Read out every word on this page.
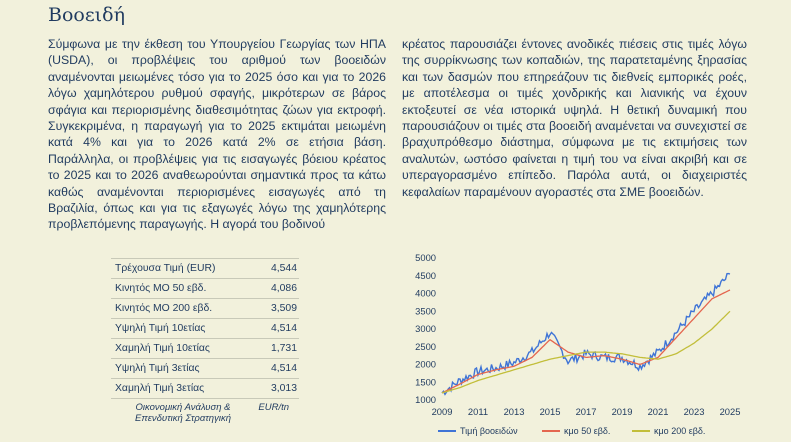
Βοοειδή
Σύμφωνα με την έκθεση του Υπουργείου Γεωργίας των ΗΠΑ (USDA), οι προβλέψεις του αριθμού των βοοειδών αναμένονται μειωμένες τόσο για το 2025 όσο και για το 2026 λόγω χαμηλότερου ρυθμού σφαγής, μικρότερων σε βάρος σφάγια και περιορισμένης διαθεσιμότητας ζώων για εκτροφή. Συγκεκριμένα, η παραγωγή για το 2025 εκτιμάται μειωμένη κατά 4% και για το 2026 κατά 2% σε ετήσια βάση. Παράλληλα, οι προβλέψεις για τις εισαγωγές βόειου κρέατος το 2025 και το 2026 αναθεωρούνται σημαντικά προς τα κάτω καθώς αναμένονται περιορισμένες εισαγωγές από τη Βραζιλία, όπως και για τις εξαγωγές λόγω της χαμηλότερης προβλεπόμενης παραγωγής. Η αγορά του βοδινού
κρέατος παρουσιάζει έντονες ανοδικές πιέσεις στις τιμές λόγω της συρρίκνωσης των κοπαδιών, της παρατεταμένης ξηρασίας και των δασμών που επηρεάζουν τις διεθνείς εμπορικές ροές, με αποτέλεσμα οι τιμές χονδρικής και λιανικής να έχουν εκτοξευτεί σε νέα ιστορικά υψηλά. Η θετική δυναμική που παρουσιάζουν οι τιμές στα βοοειδή αναμένεται να συνεχιστεί σε βραχυπρόθεσμο διάστημα, σύμφωνα με τις εκτιμήσεις των αναλυτών, ωστόσο φαίνεται η τιμή του να είναι ακριβή και σε υπεραγορασμένο επίπεδο. Παρόλα αυτά, οι διαχειριστές κεφαλαίων παραμένουν αγοραστές στα ΣΜΕ βοοειδών.
Τρέχουσα Τιμή (EUR)	4,544
Κινητός ΜΟ 50 εβδ.	4,086
Κινητός ΜΟ 200 εβδ.	3,509
Υψηλή Τιμή 10ετίας	4,514
Χαμηλή Τιμή 10ετίας	1,731
Υψηλή Τιμή 3ετίας	4,514
Χαμηλή Τιμή 3ετίας	3,013
Οικονομική Ανάλυση & Επενδυτική Στρατηγική
EUR/tn
1000
1500
2000
2500
3000
3500
4000
4500
5000
2009 2011 2013 2015 2017 2019 2021 2023 2025
Τιμή βοοειδών	κμο 50 εβδ.	κμο 200 εβδ.
